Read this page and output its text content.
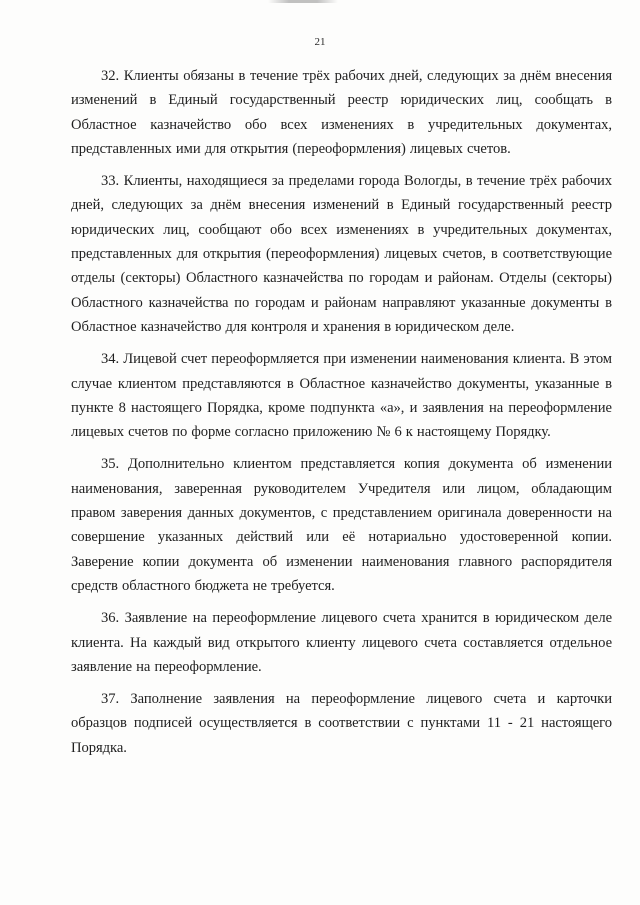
21

32. Клиенты обязаны в течение трёх рабочих дней, следующих за днём внесения изменений в Единый государственный реестр юридических лиц, сообщать в Областное казначейство обо всех изменениях в учредительных документах, представленных ими для открытия (переоформления) лицевых счетов.

33. Клиенты, находящиеся за пределами города Вологды, в течение трёх рабочих дней, следующих за днём внесения изменений в Единый государственный реестр юридических лиц, сообщают обо всех изменениях в учредительных документах, представленных для открытия (переоформления) лицевых счетов, в соответствующие отделы (секторы) Областного казначейства по городам и районам. Отделы (секторы) Областного казначейства по городам и районам направляют указанные документы в Областное казначейство для контроля и хранения в юридическом деле.

34. Лицевой счет переоформляется при изменении наименования клиента. В этом случае клиентом представляются в Областное казначейство документы, указанные в пункте 8 настоящего Порядка, кроме подпункта «а», и заявления на переоформление лицевых счетов по форме согласно приложению № 6 к настоящему Порядку.

35. Дополнительно клиентом представляется копия документа об изменении наименования, заверенная руководителем Учредителя или лицом, обладающим правом заверения данных документов, с представлением оригинала доверенности на совершение указанных действий или её нотариально удостоверенной копии. Заверение копии документа об изменении наименования главного распорядителя средств областного бюджета не требуется.

36. Заявление на переоформление лицевого счета хранится в юридическом деле клиента. На каждый вид открытого клиенту лицевого счета составляется отдельное заявление на переоформление.

37. Заполнение заявления на переоформление лицевого счета и карточки образцов подписей осуществляется в соответствии с пунктами 11 - 21 настоящего Порядка.
